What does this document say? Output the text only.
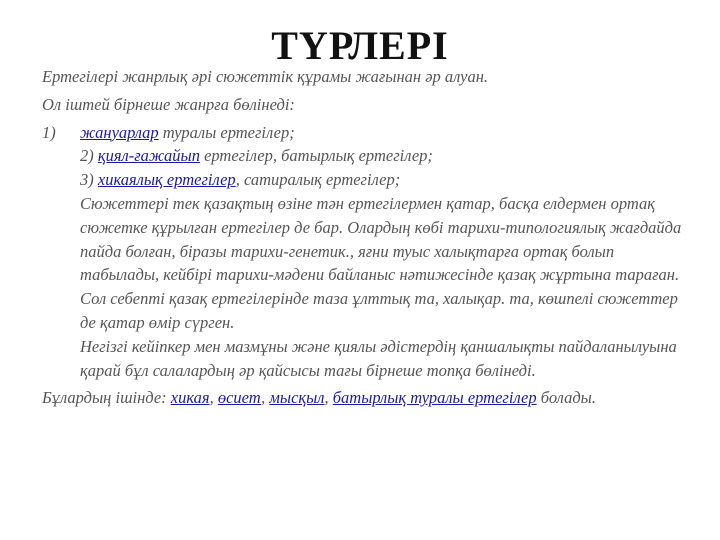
ТҮРЛЕРІ
Ертегілері жанрлық әрі сюжеттік құрамы жағынан әр алуан.
Ол іштей бірнеше жанрға бөлінеді:
1)	жануарлар туралы ертегілер;
2) қиял-ғажайып ертегілер, батырлық ертегілер;
3) хикаялық ертегілер, сатиралық ертегілер;
Сюжеттері тек қазақтың өзіне тән ертегілермен қатар, басқа елдермен ортақ сюжетке құрылған ертегілер де бар. Олардың көбі тарихи-типологиялық жағдайда пайда болған, біразы тарихи-генетик., яғни туыс халықтарға ортақ болып табылады, кейбірі тарихи-мәдени байланыс нәтижесінде қазақ жұртына тараған. Сол себепті қазақ ертегілерінде таза ұлттық та, халықар. та, көшпелі сюжеттер де қатар өмір сүрген.
Негізгі кейіпкер мен мазмұны және қиялы әдістердің қаншалықты пайдаланылуына қарай бұл салалардың әр қайсысы тағы бірнеше топқа бөлінеді.
Бұлардың ішінде: хикая, өсиет, мысқыл, батырлық туралы ертегілер болады.
